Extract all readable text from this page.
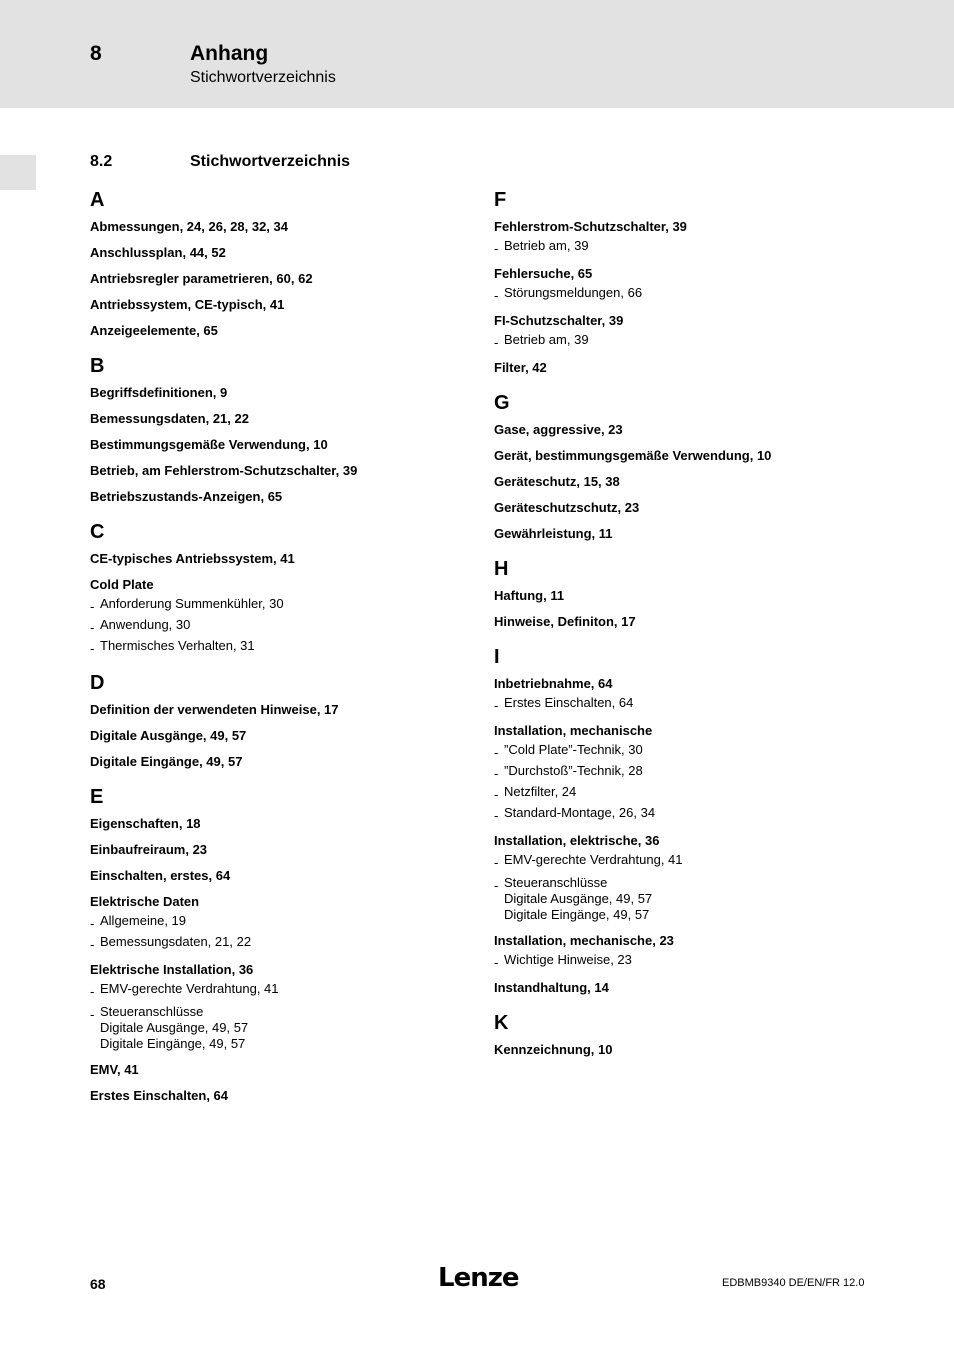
8	Anhang
Stichwortverzeichnis
8.2	Stichwortverzeichnis
A
Abmessungen, 24, 26, 28, 32, 34
Anschlussplan, 44, 52
Antriebsregler parametrieren, 60, 62
Antriebssystem, CE-typisch, 41
Anzeigeelemente, 65
B
Begriffsdefinitionen, 9
Bemessungsdaten, 21, 22
Bestimmungsgemäße Verwendung, 10
Betrieb, am Fehlerstrom-Schutzschalter, 39
Betriebszustands-Anzeigen, 65
C
CE-typisches Antriebssystem, 41
Cold Plate
- Anforderung Summenkühler, 30
- Anwendung, 30
- Thermisches Verhalten, 31
D
Definition der verwendeten Hinweise, 17
Digitale Ausgänge, 49, 57
Digitale Eingänge, 49, 57
E
Eigenschaften, 18
Einbaufreiraum, 23
Einschalten, erstes, 64
Elektrische Daten
- Allgemeine, 19
- Bemessungsdaten, 21, 22
Elektrische Installation, 36
- EMV-gerechte Verdrahtung, 41
- Steueranschlüsse
Digitale Ausgänge, 49, 57
Digitale Eingänge, 49, 57
EMV, 41
Erstes Einschalten, 64
F
Fehlerstrom-Schutzschalter, 39
- Betrieb am, 39
Fehlersuche, 65
- Störungsmeldungen, 66
FI-Schutzschalter, 39
- Betrieb am, 39
Filter, 42
G
Gase, aggressive, 23
Gerät, bestimmungsgemäße Verwendung, 10
Geräteschutz, 15, 38
Geräteschutzschutz, 23
Gewährleistung, 11
H
Haftung, 11
Hinweise, Definiton, 17
I
Inbetriebnahme, 64
- Erstes Einschalten, 64
Installation, mechanische
- ”Cold Plate”-Technik, 30
- ”Durchstoß”-Technik, 28
- Netzfilter, 24
- Standard-Montage, 26, 34
Installation, elektrische, 36
- EMV-gerechte Verdrahtung, 41
- Steueranschlüsse
Digitale Ausgänge, 49, 57
Digitale Eingänge, 49, 57
Installation, mechanische, 23
- Wichtige Hinweise, 23
Instandhaltung, 14
K
Kennzeichnung, 10
68	Lenze	EDBMB9340 DE/EN/FR 12.0
